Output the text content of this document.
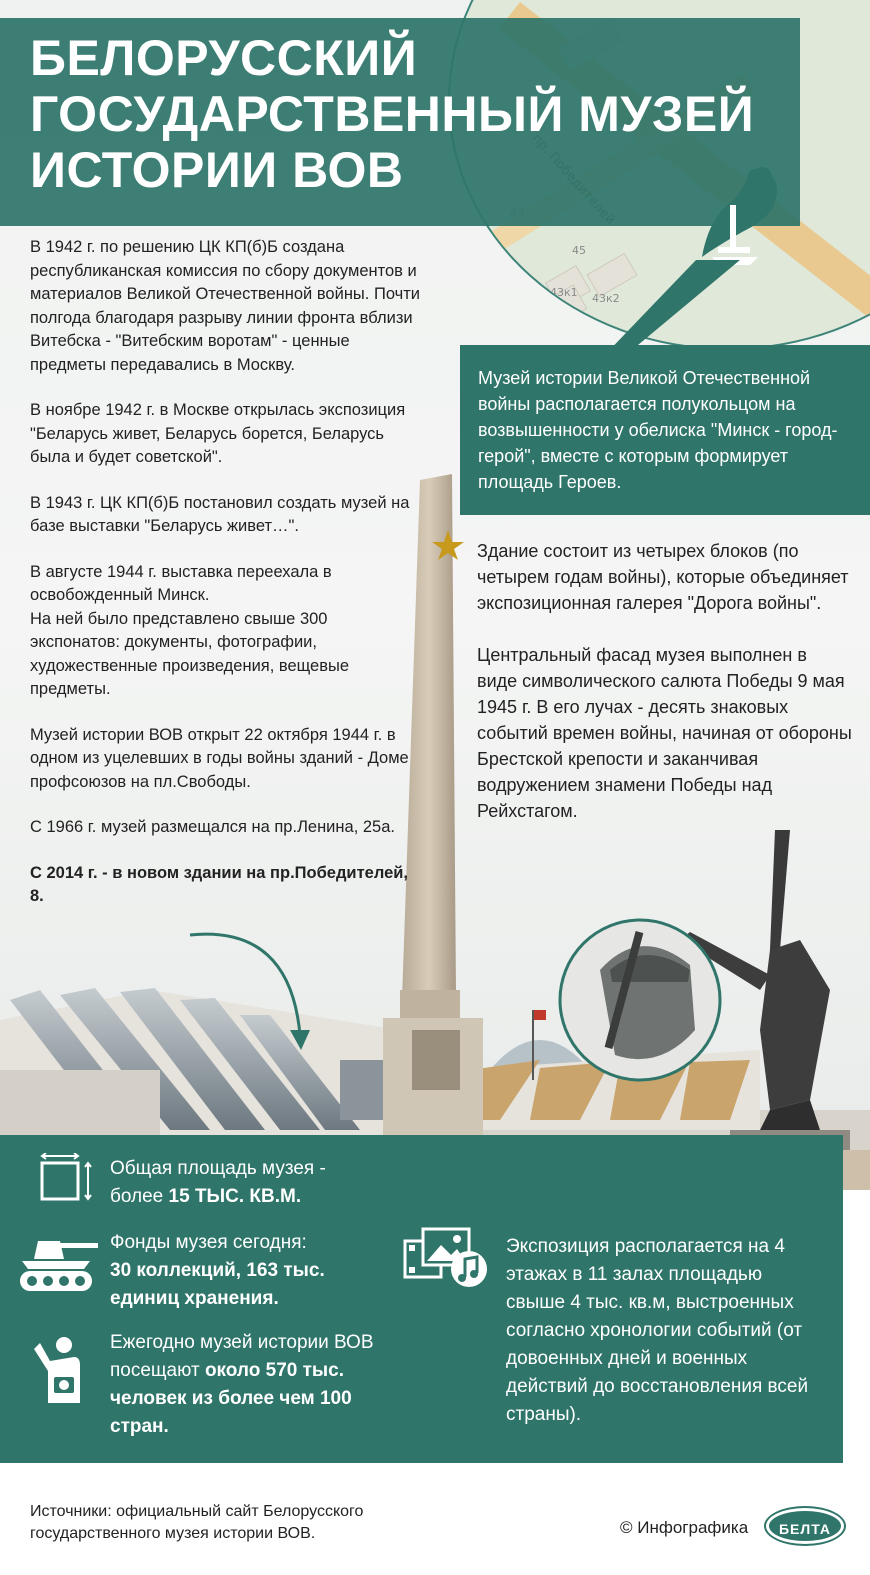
45
43к1 43к2
16
42
БЕЛОРУССКИЙ ГОСУДАРСТВЕННЫЙ МУЗЕЙ ИСТОРИИ ВОВ

В 1942 г. по решению ЦК КП(б)Б создана республиканская комиссия по сбору документов и материалов Великой Отечественной войны. Почти полгода благодаря разрыву линии фронта вблизи Витебска - "Витебским воротам" - ценные предметы передавались в Москву.

В ноябре 1942 г. в Москве открылась экспозиция "Беларусь живет, Беларусь борется, Беларусь была и будет советской".

В 1943 г. ЦК КП(б)Б постановил создать музей на базе выставки "Беларусь живет…".

В августе 1944 г. выставка переехала в освобожденный Минск.

На ней было представлено свыше 300 экспонатов: документы, фотографии, художественные произведения, вещевые предметы.

Музей истории ВОВ открыт 22 октября 1944 г. в одном из уцелевших в годы войны зданий - Доме профсоюзов на пл.Свободы.

С 1966 г. музей размещался на пр.Ленина, 25а.

С 2014 г. - в новом здании на пр.Победителей, 8.

Музей истории Великой Отечественной войны располагается полукольцом на возвышенности у обелиска "Минск - город-герой", вместе с которым формирует площадь Героев.

Здание состоит из четырех блоков (по четырем годам войны), которые объединяет экспозиционная галерея "Дорога войны".

Центральный фасад музея выполнен в виде символического салюта Победы 9 мая 1945 г. В его лучах - десять знаковых событий времен войны, начиная от обороны Брестской крепости и заканчивая водружением знамени Победы над Рейхстагом.

Общая площадь музея - более 15 ТЫС. КВ.М.
Фонды музея сегодня:
30 коллекций, 163 тыс. единиц хранения.
Ежегодно музей истории ВОВ посещают около 570 тыс. человек из более чем 100 стран.
Экспозиция располагается на 4 этажах в 11 залах площадью свыше 4 тыс. кв.м, выстроенных согласно хронологии событий (от довоенных дней и военных действий до восстановления всей страны).
Источники: официальный сайт Белорусского государственного музея истории ВОВ.	© Инфографика	БЕЛТА
